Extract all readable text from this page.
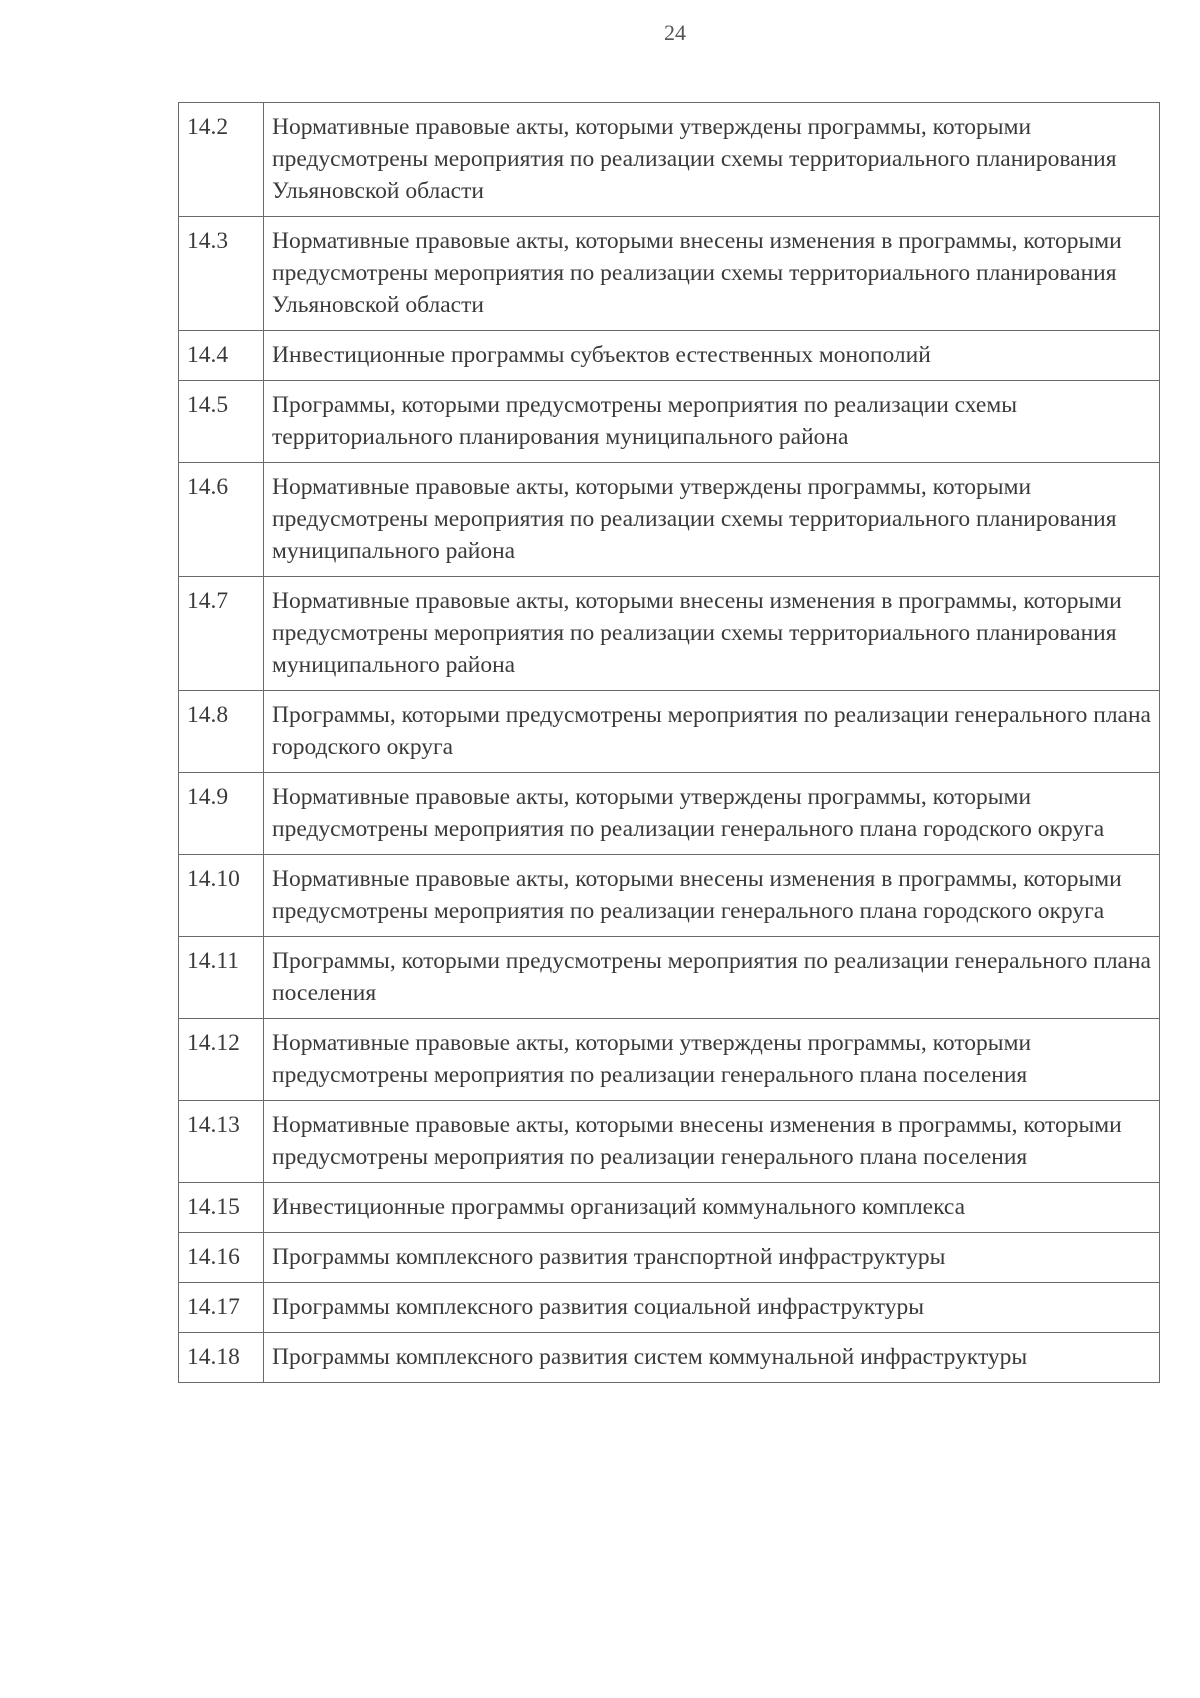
24
14.2	Нормативные правовые акты, которыми утверждены программы, которыми предусмотрены мероприятия по реализации схемы территориального планирования Ульяновской области
14.3	Нормативные правовые акты, которыми внесены изменения в программы, которыми предусмотрены мероприятия по реализации схемы территориального планирования Ульяновской области
14.4	Инвестиционные программы субъектов естественных монополий
14.5	Программы, которыми предусмотрены мероприятия по реализации схемы территориального планирования муниципального района
14.6	Нормативные правовые акты, которыми утверждены программы, которыми предусмотрены мероприятия по реализации схемы территориального планирования муниципального района
14.7	Нормативные правовые акты, которыми внесены изменения в программы, которыми предусмотрены мероприятия по реализации схемы территориального планирования муниципального района
14.8	Программы, которыми предусмотрены мероприятия по реализации генерального плана городского округа
14.9	Нормативные правовые акты, которыми утверждены программы, которыми предусмотрены мероприятия по реализации генерального плана городского округа
14.10	Нормативные правовые акты, которыми внесены изменения в программы, которыми предусмотрены мероприятия по реализации генерального плана городского округа
14.11	Программы, которыми предусмотрены мероприятия по реализации генерального плана поселения
14.12	Нормативные правовые акты, которыми утверждены программы, которыми предусмотрены мероприятия по реализации генерального плана поселения
14.13	Нормативные правовые акты, которыми внесены изменения в программы, которыми предусмотрены мероприятия по реализации генерального плана поселения
14.15	Инвестиционные программы организаций коммунального комплекса
14.16	Программы комплексного развития транспортной инфраструктуры
14.17	Программы комплексного развития социальной инфраструктуры
14.18	Программы комплексного развития систем коммунальной инфраструктуры
